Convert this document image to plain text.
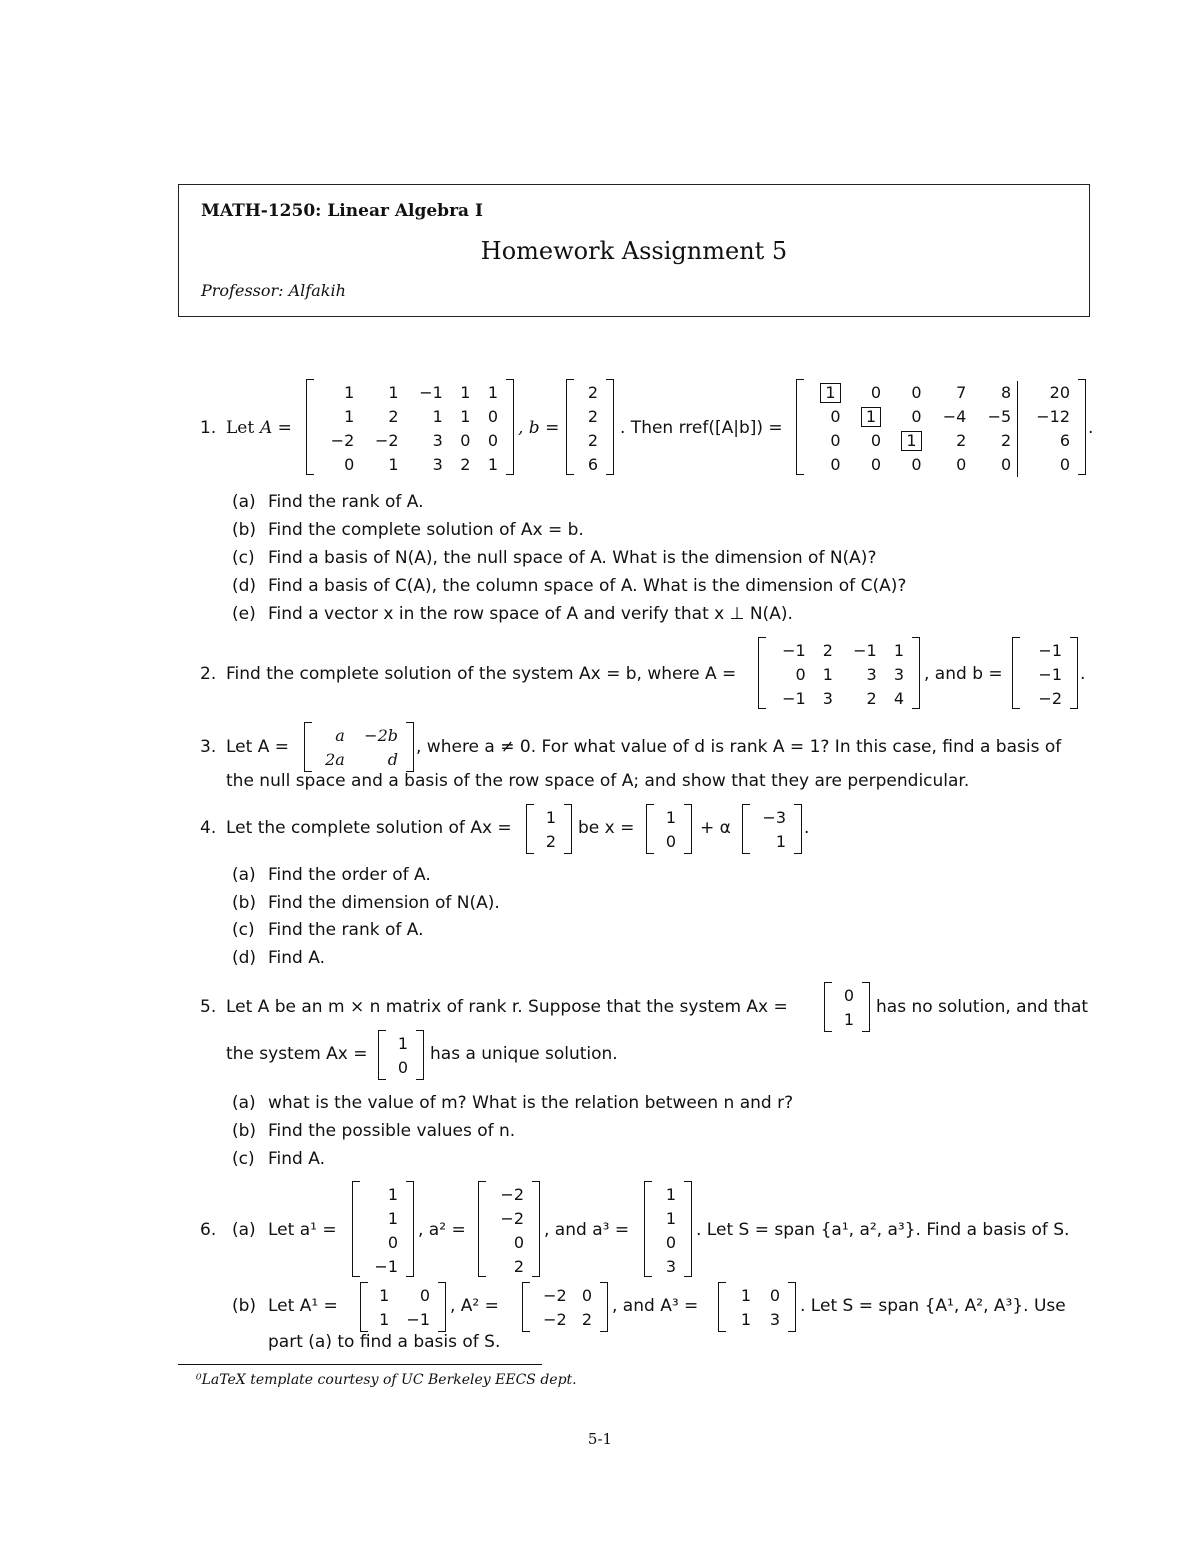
MATH-1250: Linear Algebra I
Homework Assignment 5
Professor: Alfakih
1. Let A =
1	1	−1	1	1
1	2	1	1	0
−2	−2	3	0	0
0	1	3	2	1
, b =
2
2
2
6
. Then rref([A|b]) =
1	0	0	7	8	20
0	1	0	−4	−5	−12
0	0	1	2	2	6
0	0	0	0	0	0
.
(a) Find the rank of A.
(b) Find the complete solution of Ax = b.
(c) Find a basis of N(A), the null space of A. What is the dimension of N(A)?
(d) Find a basis of C(A), the column space of A. What is the dimension of C(A)?
(e) Find a vector x in the row space of A and verify that x ⊥ N(A).
2. Find the complete solution of the system Ax = b, where A =
−1	2	−1	1
0	1	3	3
−1	3	2	4
, and b =
−1
−1
−2
.
3. Let A =
a	−2b
2a	d
, where a ≠ 0. For what value of d is rank A = 1? In this case, find a basis of
the null space and a basis of the row space of A; and show that they are perpendicular.
4. Let the complete solution of Ax =
1
2
be x =
1
0
+ α
−3
1
.
(a) Find the order of A.
(b) Find the dimension of N(A).
(c) Find the rank of A.
(d) Find A.
5. Let A be an m × n matrix of rank r. Suppose that the system Ax =
0
1
has no solution, and that
the system Ax =
1
0
has a unique solution.
(a) what is the value of m? What is the relation between n and r?
(b) Find the possible values of n.
(c) Find A.
6. (a) Let a¹ =
1
1
0
−1
, a² =
−2
−2
0
2
, and a³ =
1
1
0
3
. Let S = span {a¹, a², a³}. Find a basis of S.
(b) Let A¹ =
1	0
1	−1
, A² =
−2	0
−2	2
, and A³ =
1	0
1	3
. Let S = span {A¹, A², A³}. Use
part (a) to find a basis of S.
⁰LaTeX template courtesy of UC Berkeley EECS dept.
5-1
